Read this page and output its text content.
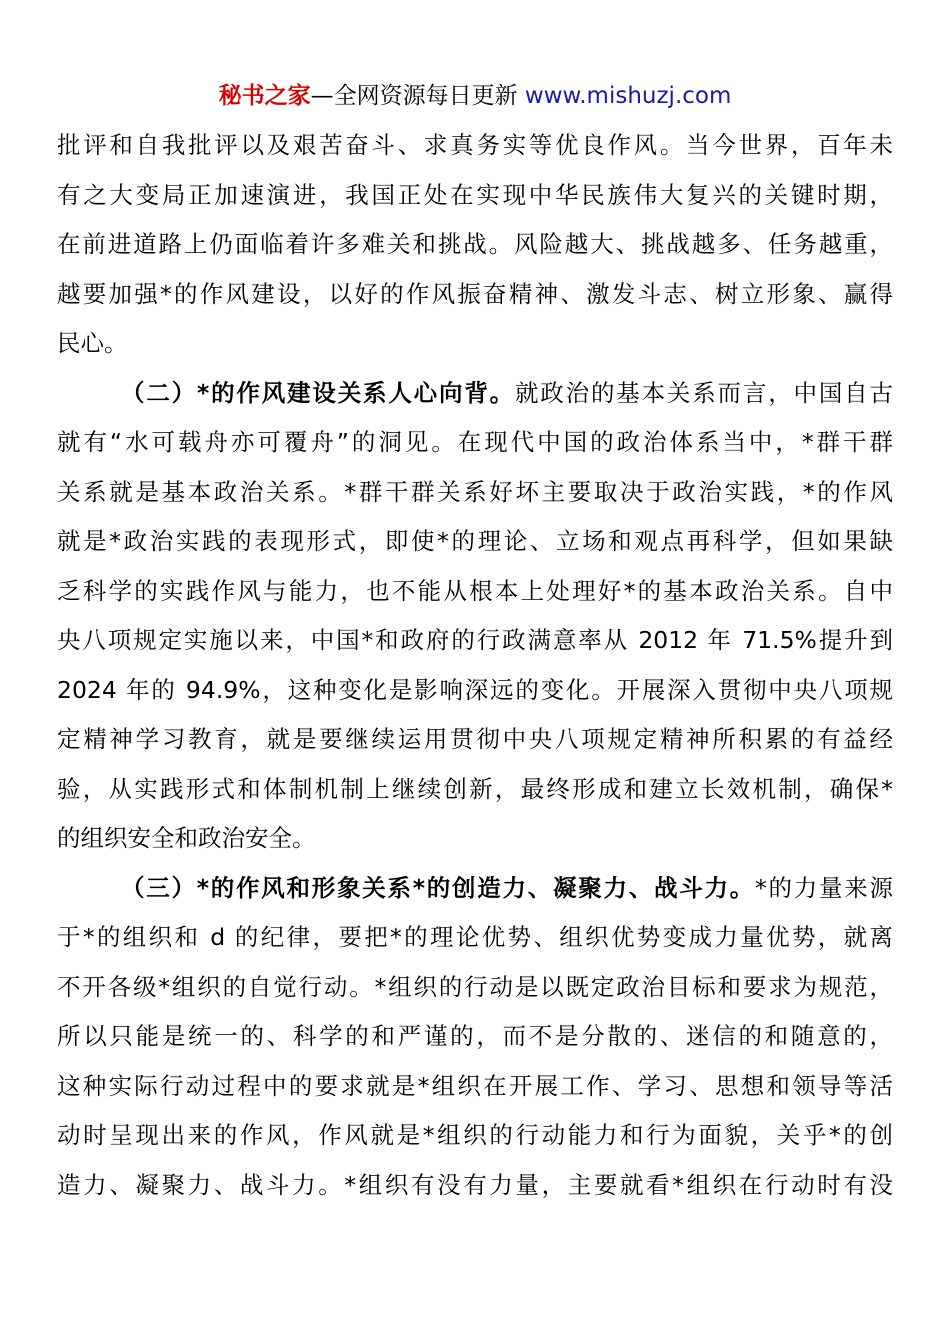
秘书之家—全网资源每日更新 www.mishuzj.com
批评和自我批评以及艰苦奋斗、求真务实等优良作风。当今世界，百年未
有之大变局正加速演进，我国正处在实现中华民族伟大复兴的关键时期，
在前进道路上仍面临着许多难关和挑战。风险越大、挑战越多、任务越重，
越要加强*的作风建设，以好的作风振奋精神、激发斗志、树立形象、赢得
民心。
（二）*的作风建设关系人心向背。就政治的基本关系而言，中国自古
就有“水可载舟亦可覆舟”的洞见。在现代中国的政治体系当中，*群干群
关系就是基本政治关系。*群干群关系好坏主要取决于政治实践，*的作风
就是*政治实践的表现形式，即使*的理论、立场和观点再科学，但如果缺
乏科学的实践作风与能力，也不能从根本上处理好*的基本政治关系。自中
央八项规定实施以来，中国*和政府的行政满意率从 2012 年 71.5%提升到
2024 年的 94.9%，这种变化是影响深远的变化。开展深入贯彻中央八项规
定精神学习教育，就是要继续运用贯彻中央八项规定精神所积累的有益经
验，从实践形式和体制机制上继续创新，最终形成和建立长效机制，确保*
的组织安全和政治安全。
（三）*的作风和形象关系*的创造力、凝聚力、战斗力。*的力量来源
于*的组织和 d 的纪律，要把*的理论优势、组织优势变成力量优势，就离
不开各级*组织的自觉行动。*组织的行动是以既定政治目标和要求为规范，
所以只能是统一的、科学的和严谨的，而不是分散的、迷信的和随意的，
这种实际行动过程中的要求就是*组织在开展工作、学习、思想和领导等活
动时呈现出来的作风，作风就是*组织的行动能力和行为面貌，关乎*的创
造力、凝聚力、战斗力。*组织有没有力量，主要就看*组织在行动时有没
